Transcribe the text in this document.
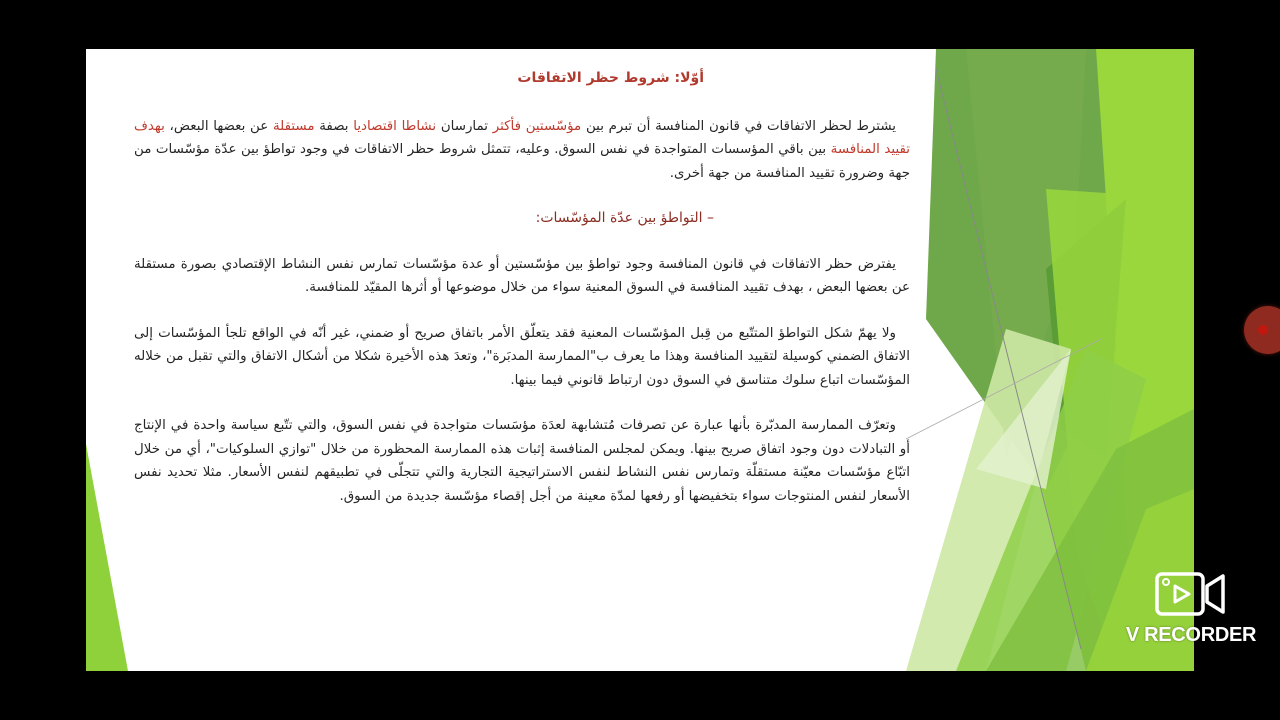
أوّلا: شروط حظر الاتفاقات

يشترط لحظر الاتفاقات في قانون المنافسة أن تبرم بين مؤسّستين فأكثر تمارسان نشاطا اقتصاديا بصفة مستقلة عن بعضها البعض، بهدف تقييد المنافسة بين باقي المؤسسات المتواجدة في نفس السوق. وعليه، تتمثل شروط حظر الاتفاقات في وجود تواطؤ بين عدّة مؤسّسات من جهة وضرورة تقييد المنافسة من جهة أخرى.

– التواطؤ بين عدّة المؤسّسات:

يفترض حظر الاتفاقات في قانون المنافسة وجود تواطؤ بين مؤسّستين أو عدة مؤسّسات تمارس نفس النشاط الإقتصادي بصورة مستقلة عن بعضها البعض ، بهدف تقييد المنافسة في السوق المعنية سواء من خلال موضوعها أو أثرها المقيّد للمنافسة.

ولا يهمّ شكل التواطؤ المتتّبع من قِبل المؤسّسات المعنية فقد يتعلّق الأمر باتفاق صريح أو ضمني، غير أنّه في الواقع تلجأ المؤسّسات إلى الاتفاق الضمني كوسيلة لتقييد المنافسة وهذا ما يعرف ب"الممارسة المدبَرة"، وتعدَ هذه الأخيرة شكلا من أشكال الاتفاق والتي تقبل من خلاله المؤسّسات اتباع سلوك متناسق في السوق دون ارتباط قانوني فيما بينها.

وتعرّف الممارسة المدبّرة بأنها عبارة عن تصرفات مُتشابهة لعدَة مؤسَسات متواجدة في نفس السوق، والتي تتّبع سياسة واحدة في الإنتاج أو التبادلات دون وجود اتفاق صريح بينها. ويمكن لمجلس المنافسة إثبات هذه الممارسة المحظورة من خلال "توازي السلوكيات"، أي من خلال اتبّاع مؤسّسات معيّنة مستقلّة وتمارس نفس النشاط لنفس الاستراتيجية التجارية والتي تتجلّى في تطبيقهم لنفس الأسعار. مثلا تحديد نفس الأسعار لنفس المنتوجات سواء بتخفيضها أو رفعها لمدّة معينة من أجل إقصاء مؤسّسة جديدة من السوق.

V RECORDER
